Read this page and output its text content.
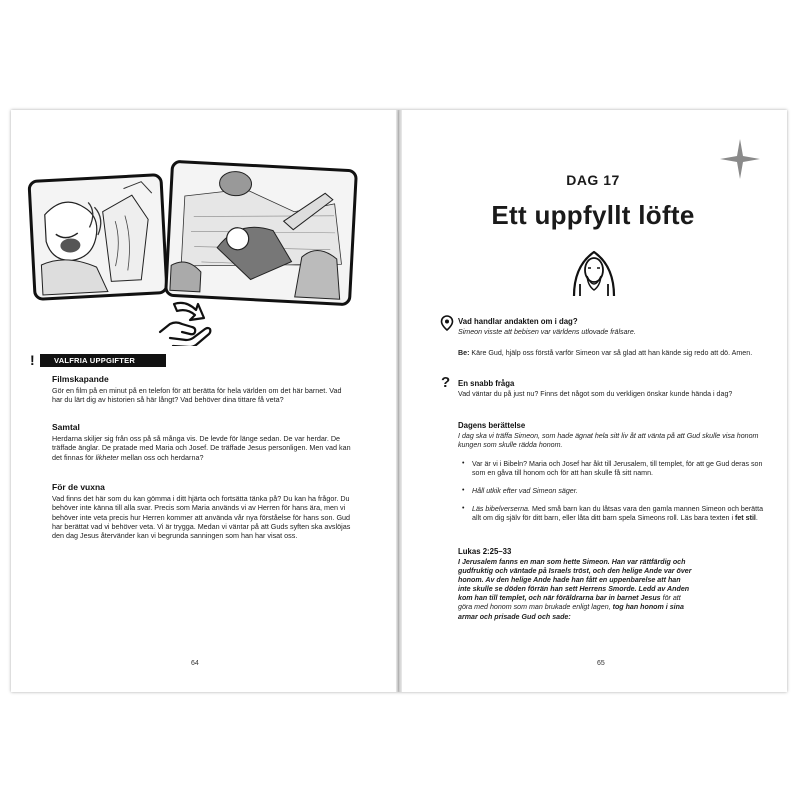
!	VALFRIA UPPGIFTER
Filmskapande
Gör en film på en minut på en telefon för att berätta för hela världen om det här barnet. Vad har du lärt dig av historien så här långt? Vad behöver dina tittare få veta?
Samtal
Herdarna skiljer sig från oss på så många vis. De levde för länge sedan. De var herdar. De träffade änglar. De pratade med Maria och Josef. De träffade Jesus personligen. Men vad kan det finnas för likheter mellan oss och herdarna?
För de vuxna
Vad finns det här som du kan gömma i ditt hjärta och fortsätta tänka på? Du kan ha frågor. Du behöver inte känna till alla svar. Precis som Maria används vi av Herren för hans ära, men vi behöver inte veta precis hur Herren kommer att använda vår nya förståelse för hans son. Gud har berättat vad vi behöver veta. Vi är trygga. Medan vi väntar på att Guds syften ska avslöjas den dag Jesus återvänder kan vi begrunda sanningen som han har visat oss.
64
DAG 17
Ett uppfyllt löfte
Vad handlar andakten om i dag?
Simeon visste att bebisen var världens utlovade frälsare.
Be: Käre Gud, hjälp oss förstå varför Simeon var så glad att han kände sig redo att dö. Amen.
? En snabb fråga
Vad väntar du på just nu? Finns det något som du verkligen önskar kunde hända i dag?
Dagens berättelse
I dag ska vi träffa Simeon, som hade ägnat hela sitt liv åt att vänta på att Gud skulle visa honom kungen som skulle rädda honom.
• Var är vi i Bibeln? Maria och Josef har åkt till Jerusalem, till templet, för att ge Gud deras son som en gåva till honom och för att han skulle få sitt namn.
• Håll utkik efter vad Simeon säger.
• Läs bibelverserna. Med små barn kan du låtsas vara den gamla mannen Simeon och berätta allt om dig själv för ditt barn, eller låta ditt barn spela Simeons roll. Läs bara texten i fet stil.
Lukas 2:25–33
I Jerusalem fanns en man som hette Simeon. Han var rättfärdig och
gudfruktig och väntade på Israels tröst, och den helige Ande var över
honom. Av den helige Ande hade han fått en uppenbarelse att han
inte skulle se döden förrän han sett Herrens Smorde. Ledd av Anden
kom han till templet, och när föräldrarna bar in barnet Jesus för att
göra med honom som man brukade enligt lagen, tog han honom i sina
armar och prisade Gud och sade:
65
